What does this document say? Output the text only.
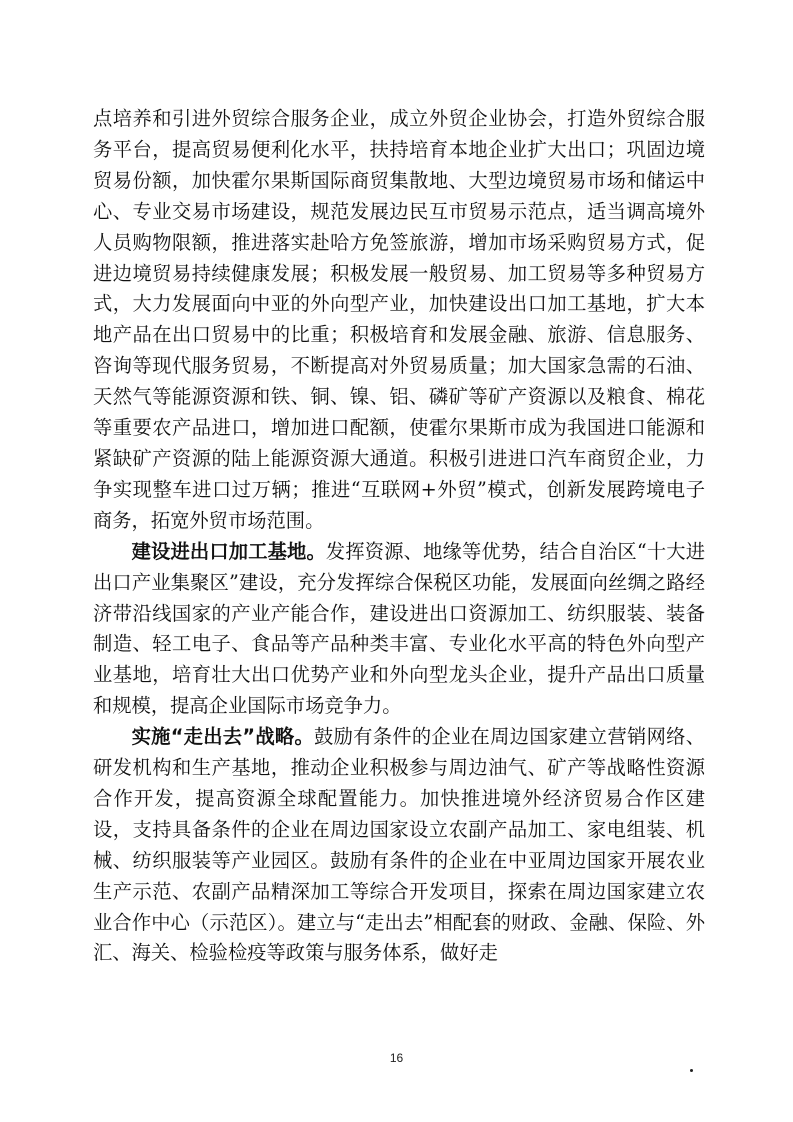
点培养和引进外贸综合服务企业，成立外贸企业协会，打造外贸综合服务平台，提高贸易便利化水平，扶持培育本地企业扩大出口；巩固边境贸易份额，加快霍尔果斯国际商贸集散地、大型边境贸易市场和储运中心、专业交易市场建设，规范发展边民互市贸易示范点，适当调高境外人员购物限额，推进落实赴哈方免签旅游，增加市场采购贸易方式，促进边境贸易持续健康发展；积极发展一般贸易、加工贸易等多种贸易方式，大力发展面向中亚的外向型产业，加快建设出口加工基地，扩大本地产品在出口贸易中的比重；积极培育和发展金融、旅游、信息服务、咨询等现代服务贸易，不断提高对外贸易质量；加大国家急需的石油、天然气等能源资源和铁、铜、镍、铝、磷矿等矿产资源以及粮食、棉花等重要农产品进口，增加进口配额，使霍尔果斯市成为我国进口能源和紧缺矿产资源的陆上能源资源大通道。积极引进进口汽车商贸企业，力争实现整车进口过万辆；推进“互联网+外贸”模式，创新发展跨境电子商务，拓宽外贸市场范围。

建设进出口加工基地。发挥资源、地缘等优势，结合自治区“十大进出口产业集聚区”建设，充分发挥综合保税区功能，发展面向丝绸之路经济带沿线国家的产业产能合作，建设进出口资源加工、纺织服装、装备制造、轻工电子、食品等产品种类丰富、专业化水平高的特色外向型产业基地，培育壮大出口优势产业和外向型龙头企业，提升产品出口质量和规模，提高企业国际市场竞争力。

实施“走出去”战略。鼓励有条件的企业在周边国家建立营销网络、研发机构和生产基地，推动企业积极参与周边油气、矿产等战略性资源合作开发，提高资源全球配置能力。加快推进境外经济贸易合作区建设，支持具备条件的企业在周边国家设立农副产品加工、家电组装、机械、纺织服装等产业园区。鼓励有条件的企业在中亚周边国家开展农业生产示范、农副产品精深加工等综合开发项目，探索在周边国家建立农业合作中心（示范区）。建立与“走出去”相配套的财政、金融、保险、外汇、海关、检验检疫等政策与服务体系，做好走

16
